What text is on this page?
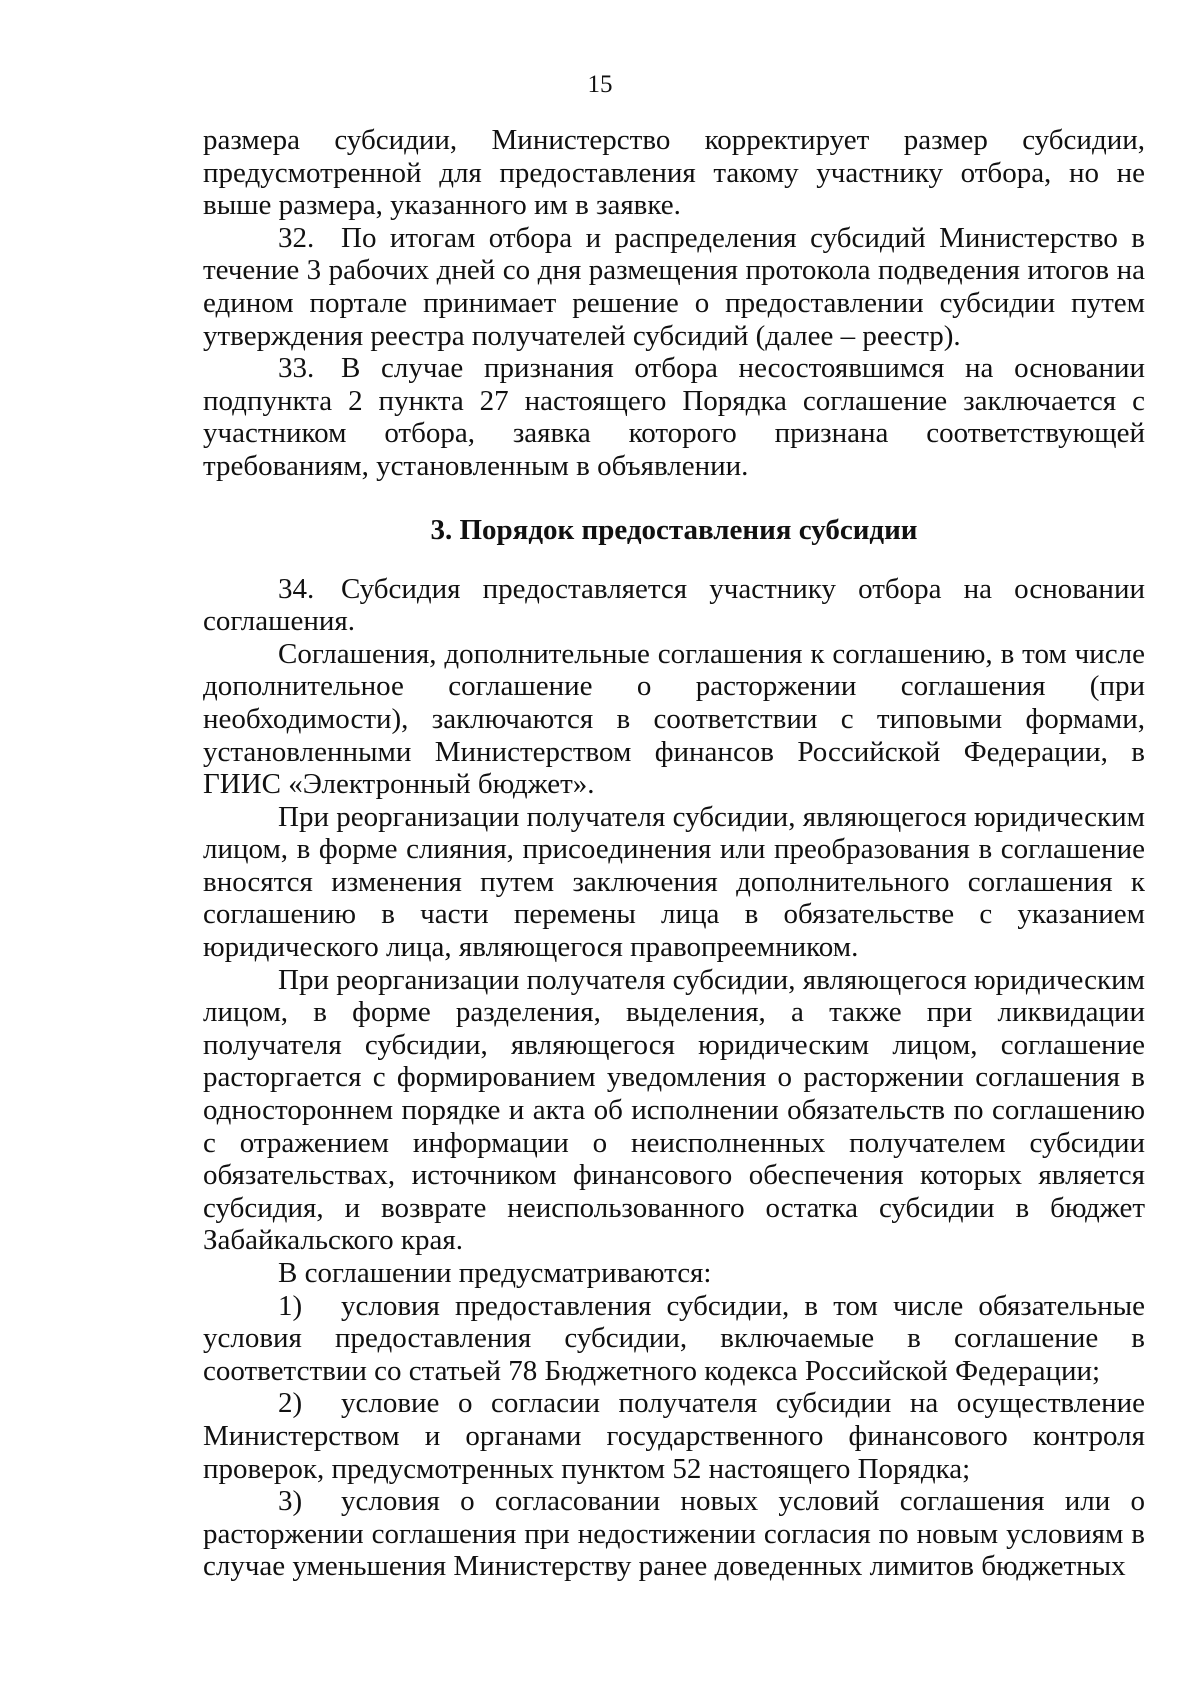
15

размера субсидии, Министерство корректирует размер субсидии, предусмотренной для предоставления такому участнику отбора, но не выше размера, указанного им в заявке.

32. По итогам отбора и распределения субсидий Министерство в течение 3 рабочих дней со дня размещения протокола подведения итогов на едином портале принимает решение о предоставлении субсидии путем утверждения реестра получателей субсидий (далее – реестр).

33. В случае признания отбора несостоявшимся на основании подпункта 2 пункта 27 настоящего Порядка соглашение заключается с участником отбора, заявка которого признана соответствующей требованиям, установленным в объявлении.

3. Порядок предоставления субсидии

34. Субсидия предоставляется участнику отбора на основании соглашения.

Соглашения, дополнительные соглашения к соглашению, в том числе дополнительное соглашение о расторжении соглашения (при необходимости), заключаются в соответствии с типовыми формами, установленными Министерством финансов Российской Федерации, в ГИИС «Электронный бюджет».

При реорганизации получателя субсидии, являющегося юридическим лицом, в форме слияния, присоединения или преобразования в соглашение вносятся изменения путем заключения дополнительного соглашения к соглашению в части перемены лица в обязательстве с указанием юридического лица, являющегося правопреемником.

При реорганизации получателя субсидии, являющегося юридическим лицом, в форме разделения, выделения, а также при ликвидации получателя субсидии, являющегося юридическим лицом, соглашение расторгается с формированием уведомления о расторжении соглашения в одностороннем порядке и акта об исполнении обязательств по соглашению с отражением информации о неисполненных получателем субсидии обязательствах, источником финансового обеспечения которых является субсидия, и возврате неиспользованного остатка субсидии в бюджет Забайкальского края.

В соглашении предусматриваются:

1) условия предоставления субсидии, в том числе обязательные условия предоставления субсидии, включаемые в соглашение в соответствии со статьей 78 Бюджетного кодекса Российской Федерации;

2) условие о согласии получателя субсидии на осуществление Министерством и органами государственного финансового контроля проверок, предусмотренных пунктом 52 настоящего Порядка;

3) условия о согласовании новых условий соглашения или о расторжении соглашения при недостижении согласия по новым условиям в случае уменьшения Министерству ранее доведенных лимитов бюджетных
